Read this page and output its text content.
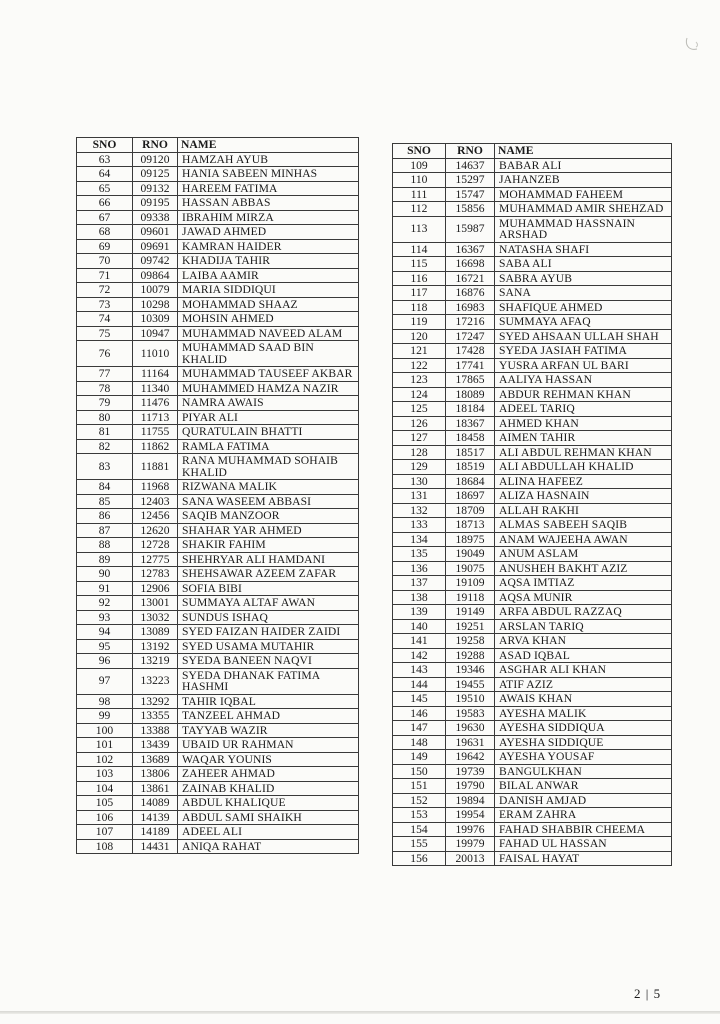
SNO	RNO	NAME
63	09120	HAMZAH AYUB
64	09125	HANIA SABEEN MINHAS
65	09132	HAREEM FATIMA
66	09195	HASSAN ABBAS
67	09338	IBRAHIM MIRZA
68	09601	JAWAD AHMED
69	09691	KAMRAN HAIDER
70	09742	KHADIJA TAHIR
71	09864	LAIBA AAMIR
72	10079	MARIA SIDDIQUI
73	10298	MOHAMMAD SHAAZ
74	10309	MOHSIN AHMED
75	10947	MUHAMMAD NAVEED ALAM
76	11010	MUHAMMAD SAAD BIN KHALID
77	11164	MUHAMMAD TAUSEEF AKBAR
78	11340	MUHAMMED HAMZA NAZIR
79	11476	NAMRA AWAIS
80	11713	PIYAR ALI
81	11755	QURATULAIN BHATTI
82	11862	RAMLA FATIMA
83	11881	RANA MUHAMMAD SOHAIB KHALID
84	11968	RIZWANA MALIK
85	12403	SANA WASEEM ABBASI
86	12456	SAQIB MANZOOR
87	12620	SHAHAR YAR AHMED
88	12728	SHAKIR FAHIM
89	12775	SHEHRYAR ALI HAMDANI
90	12783	SHEHSAWAR AZEEM ZAFAR
91	12906	SOFIA BIBI
92	13001	SUMMAYA ALTAF AWAN
93	13032	SUNDUS ISHAQ
94	13089	SYED FAIZAN HAIDER ZAIDI
95	13192	SYED USAMA MUTAHIR
96	13219	SYEDA BANEEN NAQVI
97	13223	SYEDA DHANAK FATIMA HASHMI
98	13292	TAHIR IQBAL
99	13355	TANZEEL AHMAD
100	13388	TAYYAB WAZIR
101	13439	UBAID UR RAHMAN
102	13689	WAQAR YOUNIS
103	13806	ZAHEER AHMAD
104	13861	ZAINAB KHALID
105	14089	ABDUL KHALIQUE
106	14139	ABDUL SAMI SHAIKH
107	14189	ADEEL ALI
108	14431	ANIQA RAHAT
SNO	RNO	NAME
109	14637	BABAR ALI
110	15297	JAHANZEB
111	15747	MOHAMMAD FAHEEM
112	15856	MUHAMMAD AMIR SHEHZAD
113	15987	MUHAMMAD HASSNAIN ARSHAD
114	16367	NATASHA SHAFI
115	16698	SABA ALI
116	16721	SABRA AYUB
117	16876	SANA
118	16983	SHAFIQUE AHMED
119	17216	SUMMAYA AFAQ
120	17247	SYED AHSAAN ULLAH SHAH
121	17428	SYEDA JASIAH FATIMA
122	17741	YUSRA ARFAN UL BARI
123	17865	AALIYA HASSAN
124	18089	ABDUR REHMAN KHAN
125	18184	ADEEL TARIQ
126	18367	AHMED KHAN
127	18458	AIMEN TAHIR
128	18517	ALI ABDUL REHMAN KHAN
129	18519	ALI ABDULLAH KHALID
130	18684	ALINA HAFEEZ
131	18697	ALIZA HASNAIN
132	18709	ALLAH RAKHI
133	18713	ALMAS SABEEH SAQIB
134	18975	ANAM WAJEEHA AWAN
135	19049	ANUM ASLAM
136	19075	ANUSHEH BAKHT AZIZ
137	19109	AQSA IMTIAZ
138	19118	AQSA MUNIR
139	19149	ARFA ABDUL RAZZAQ
140	19251	ARSLAN TARIQ
141	19258	ARVA KHAN
142	19288	ASAD IQBAL
143	19346	ASGHAR ALI KHAN
144	19455	ATIF AZIZ
145	19510	AWAIS KHAN
146	19583	AYESHA MALIK
147	19630	AYESHA SIDDIQUA
148	19631	AYESHA SIDDIQUE
149	19642	AYESHA YOUSAF
150	19739	BANGULKHAN
151	19790	BILAL ANWAR
152	19894	DANISH AMJAD
153	19954	ERAM ZAHRA
154	19976	FAHAD SHABBIR CHEEMA
155	19979	FAHAD UL HASSAN
156	20013	FAISAL HAYAT
2 | 5
